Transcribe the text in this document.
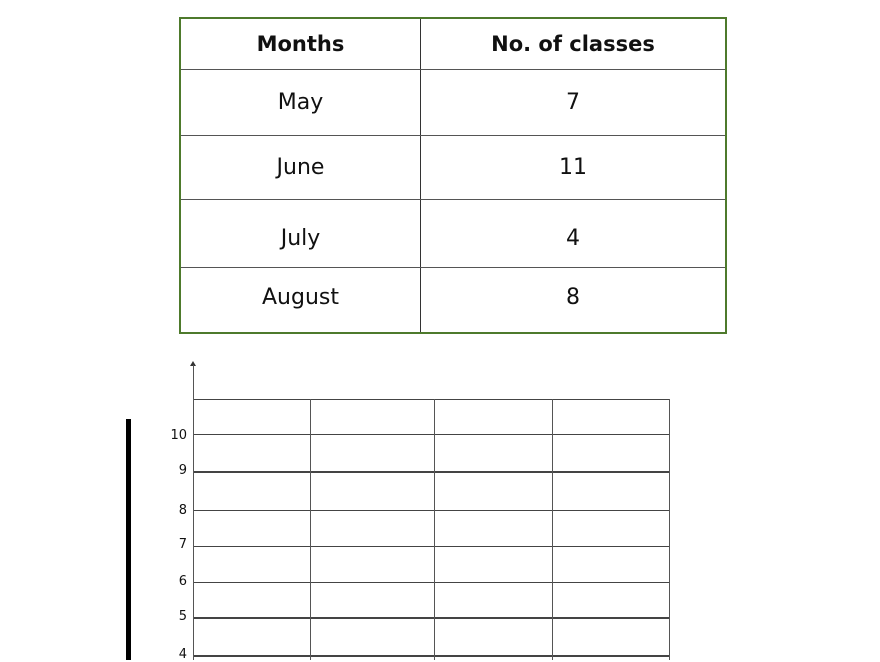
Months	No. of classes
May	7
June	11
July	4
August	8
10
9
8
7
6
5
4
